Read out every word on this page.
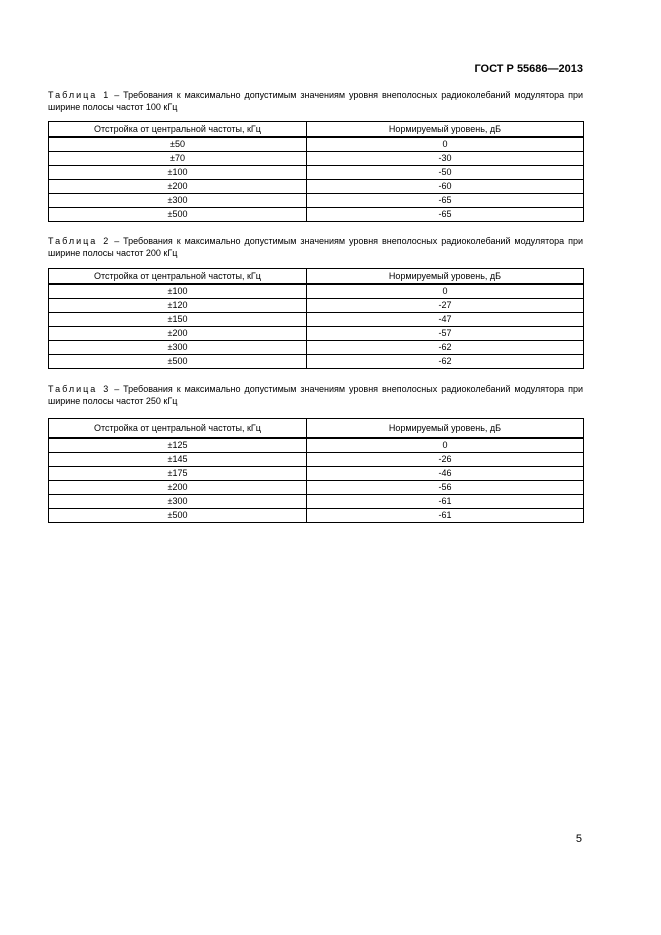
ГОСТ Р 55686—2013
Таблица 1 – Требования к максимально допустимым значениям уровня внеполосных радиоколебаний модулятора при ширине полосы частот 100 кГц
Отстройка от центральной частоты, кГц	Нормируемый уровень, дБ
±50	0
±70	-30
±100	-50
±200	-60
±300	-65
±500	-65
Таблица 2 – Требования к максимально допустимым значениям уровня внеполосных радиоколебаний модулятора при ширине полосы частот 200 кГц
Отстройка от центральной частоты, кГц	Нормируемый уровень, дБ
±100	0
±120	-27
±150	-47
±200	-57
±300	-62
±500	-62
Таблица 3 – Требования к максимально допустимым значениям уровня внеполосных радиоколебаний модулятора при ширине полосы частот 250 кГц
Отстройка от центральной частоты, кГц	Нормируемый уровень, дБ
±125	0
±145	-26
±175	-46
±200	-56
±300	-61
±500	-61
5
